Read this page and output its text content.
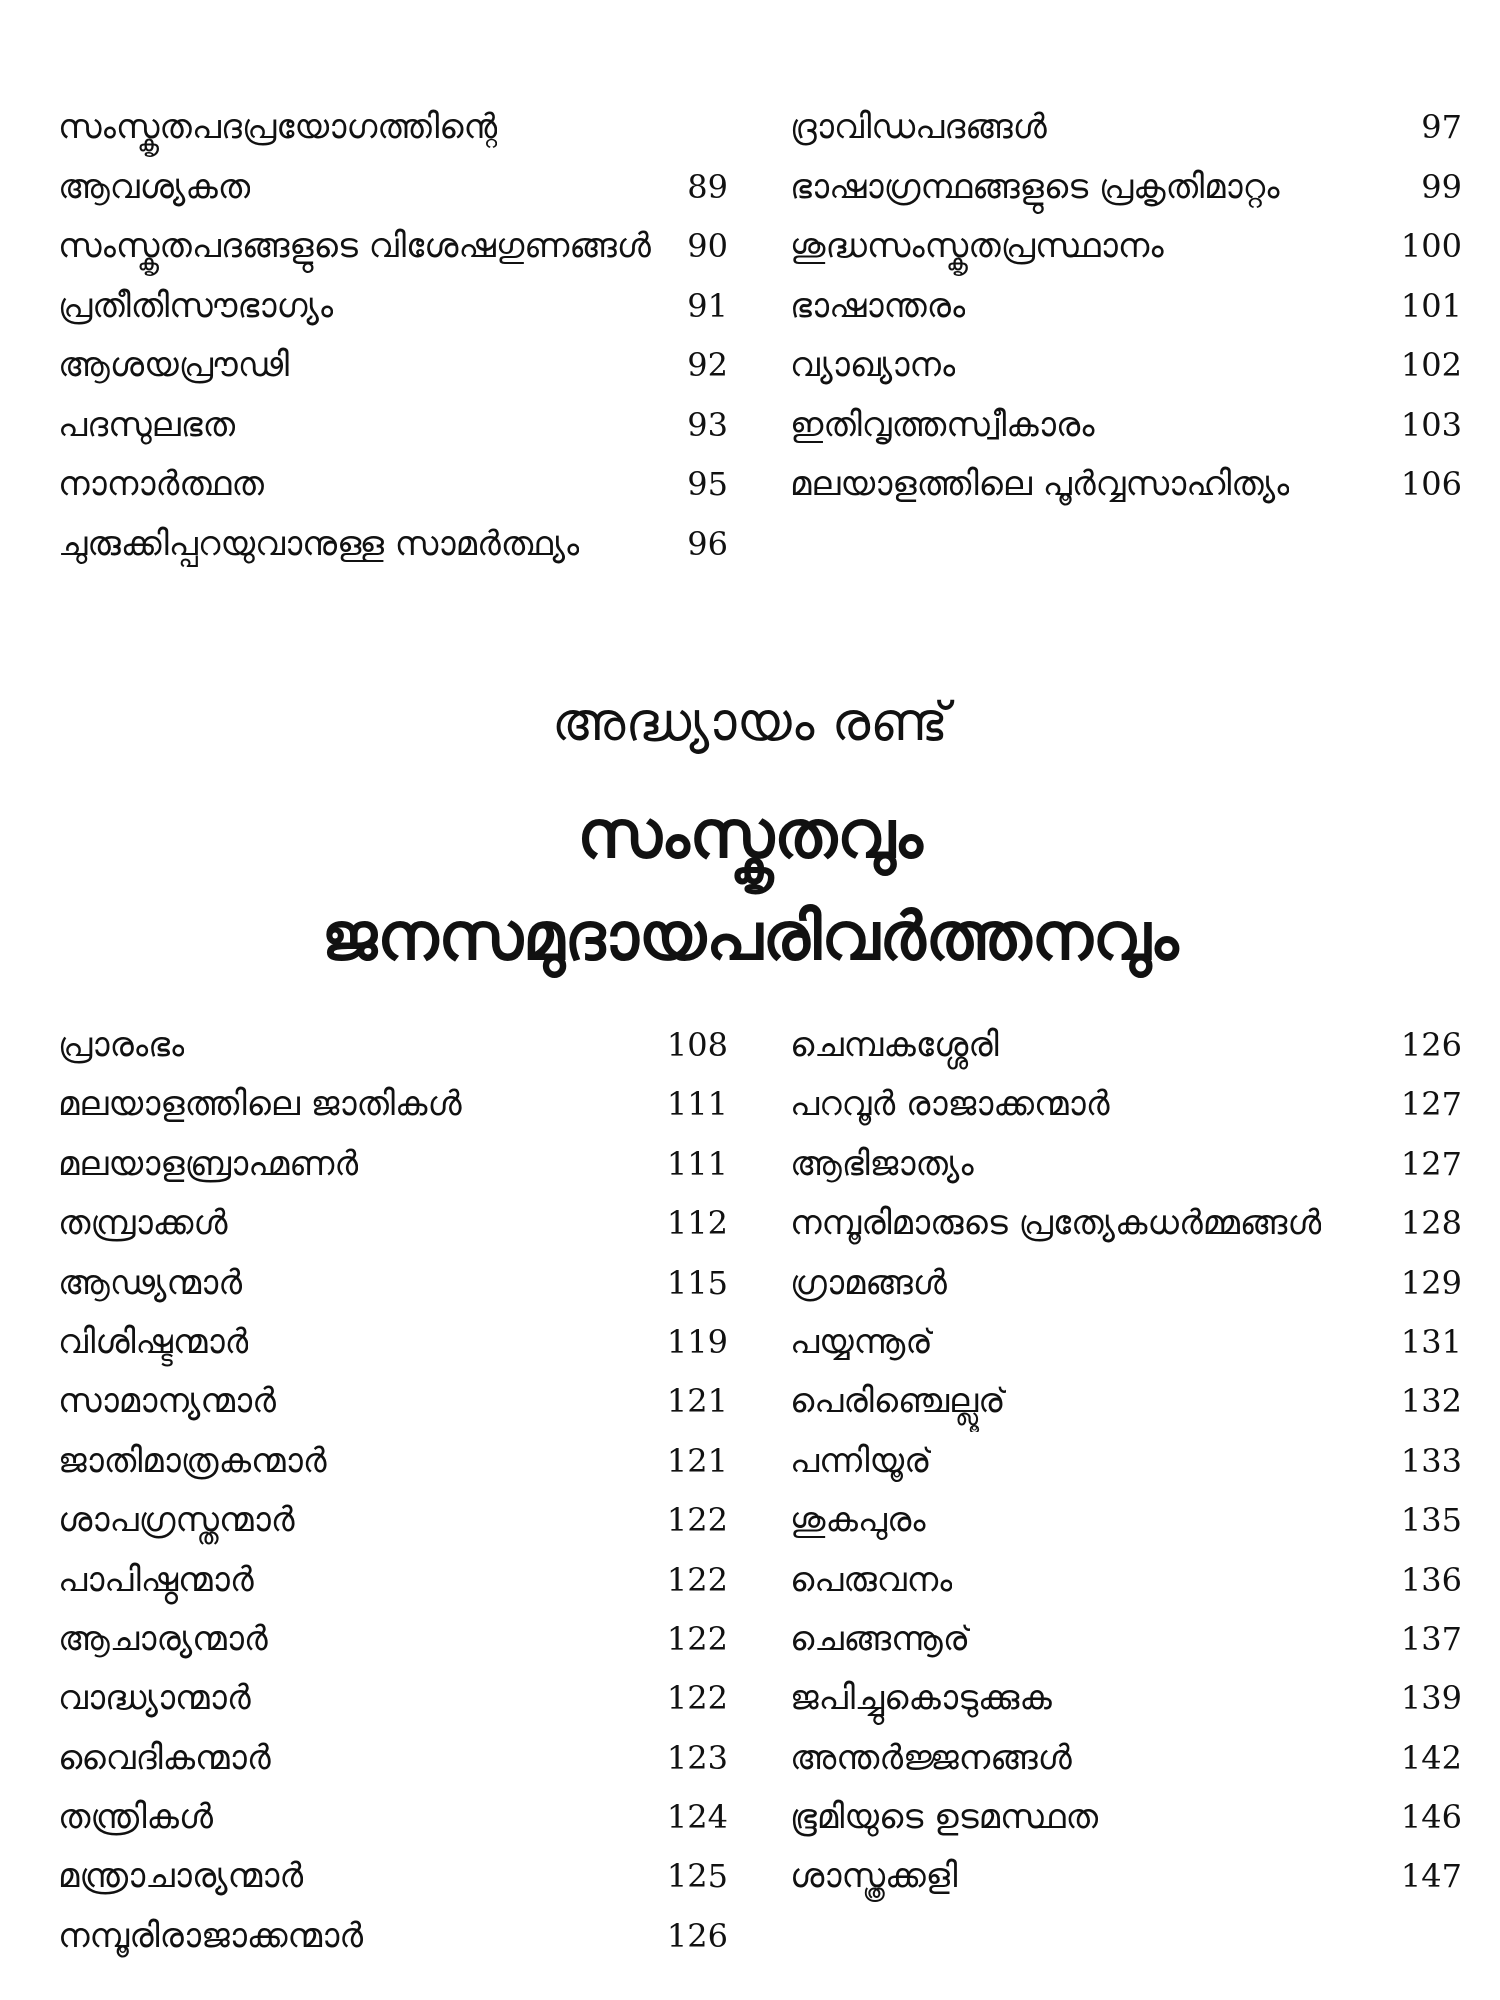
സംസ്കൃതപദപ്രയോഗത്തിന്റെ
ആവശ്യകത	89
സംസ്കൃതപദങ്ങളുടെ വിശേഷഗുണങ്ങൾ	90
പ്രതീതിസൗഭാഗ്യം	91
ആശയപ്രൗഢി	92
പദസുലഭത	93
നാനാർത്ഥത	95
ചുരുക്കിപ്പറയുവാനുള്ള സാമർത്ഥ്യം	96
ദ്രാവിഡപദങ്ങൾ	97
ഭാഷാഗ്രന്ഥങ്ങളുടെ പ്രകൃതിമാറ്റം	99
ശുദ്ധസംസ്കൃതപ്രസ്ഥാനം	100
ഭാഷാന്തരം	101
വ്യാഖ്യാനം	102
ഇതിവൃത്തസ്വീകാരം	103
മലയാളത്തിലെ പൂർവ്വസാഹിത്യം	106
അദ്ധ്യായം രണ്ട്
സംസ്കൃതവും
ജനസമുദായപരിവർത്തനവും
പ്രാരംഭം	108
മലയാളത്തിലെ ജാതികൾ	111
മലയാളബ്രാഹ്മണർ	111
തമ്പ്രാക്കൾ	112
ആഢ്യന്മാർ	115
വിശിഷ്ടന്മാർ	119
സാമാന്യന്മാർ	121
ജാതിമാത്രകന്മാർ	121
ശാപഗ്രസ്തന്മാർ	122
പാപിഷ്ഠന്മാർ	122
ആചാര്യന്മാർ	122
വാദ്ധ്യാന്മാർ	122
വൈദികന്മാർ	123
തന്ത്രികൾ	124
മന്ത്രാചാര്യന്മാർ	125
നമ്പൂരിരാജാക്കന്മാർ	126
ചെമ്പകശ്ശേരി	126
പറവൂർ രാജാക്കന്മാർ	127
ആഭിജാത്യം	127
നമ്പൂരിമാരുടെ പ്രത്യേകധർമ്മങ്ങൾ	128
ഗ്രാമങ്ങൾ	129
പയ്യന്നൂര്	131
പെരിഞ്ചെല്ലൂര്	132
പന്നിയൂര്	133
ശുകപുരം	135
പെരുവനം	136
ചെങ്ങന്നൂര്	137
ജപിച്ചുകൊടുക്കുക	139
അന്തർജ്ജനങ്ങൾ	142
ഭൂമിയുടെ ഉടമസ്ഥത	146
ശാസ്ത്രക്കളി	147
